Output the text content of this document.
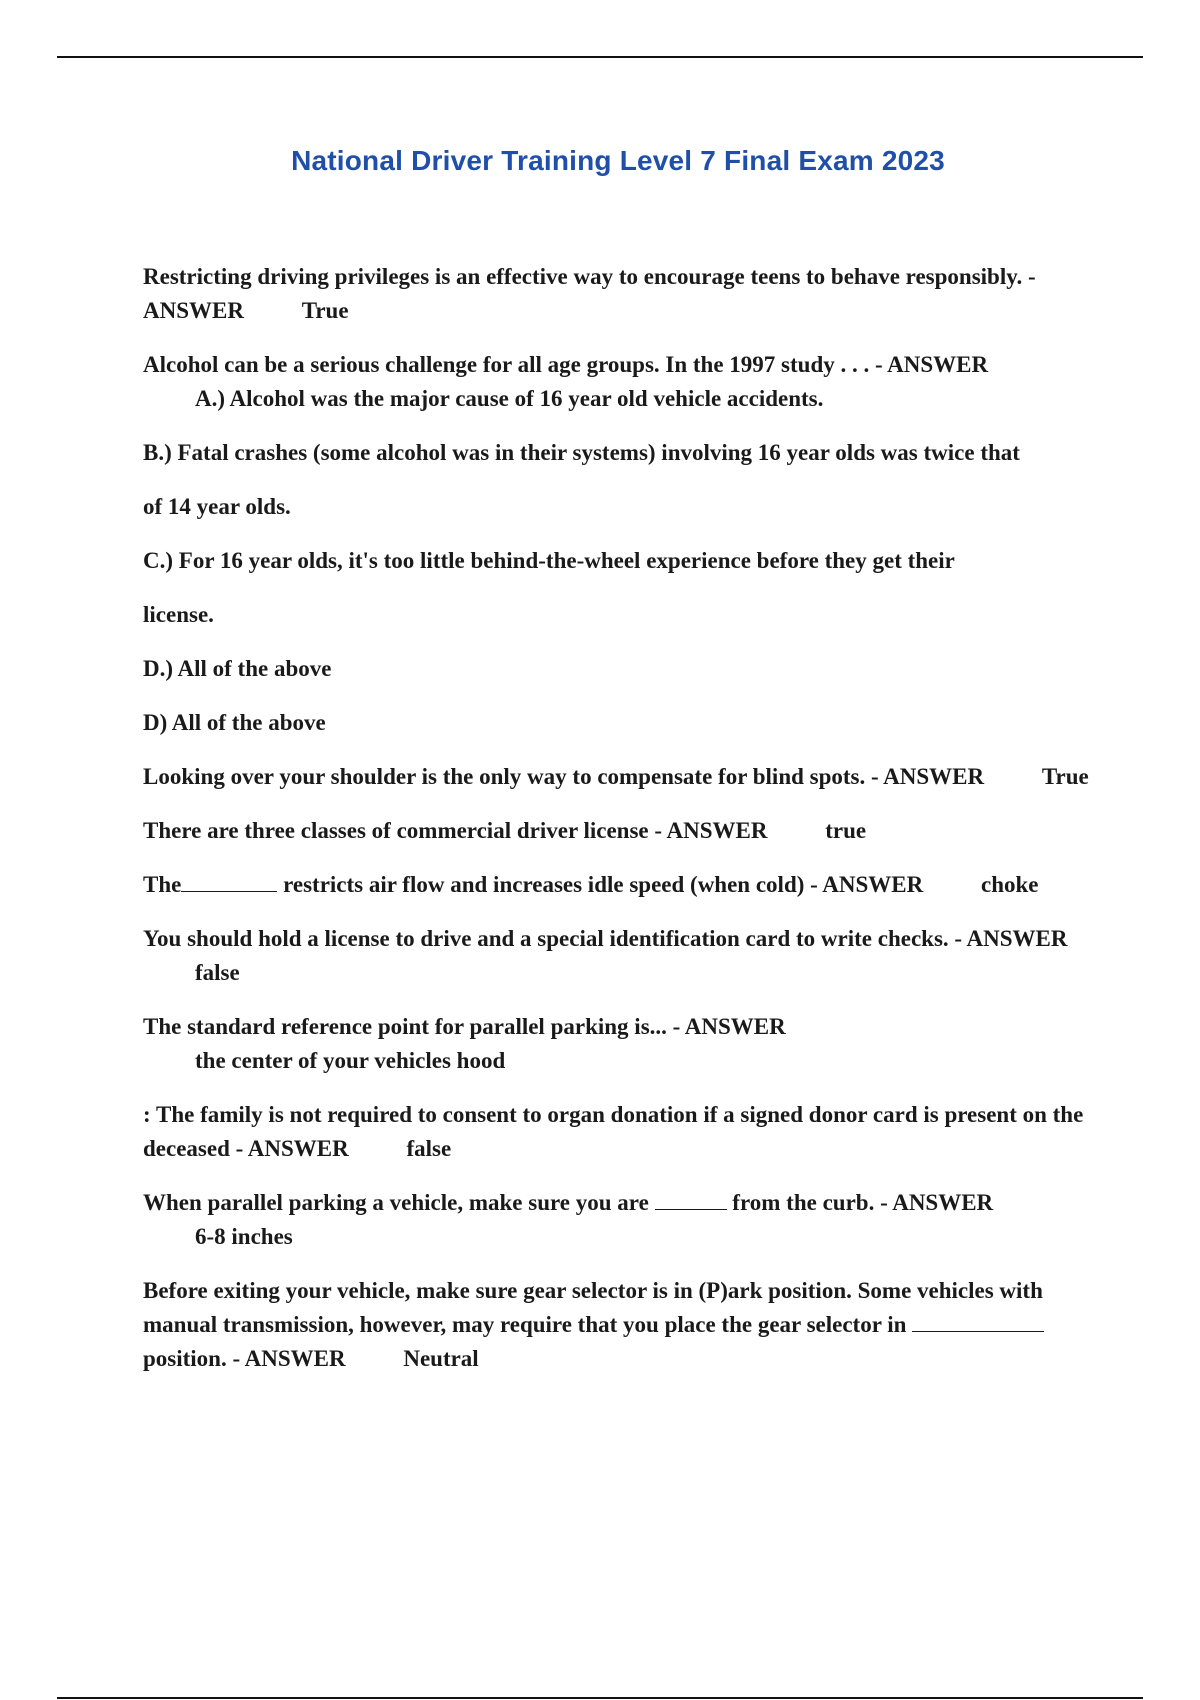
National Driver Training Level 7 Final Exam 2023

Restricting driving privileges is an effective way to encourage teens to behave responsibly. - ANSWER	True

Alcohol can be a serious challenge for all age groups. In the 1997 study . . . - ANSWER A.) Alcohol was the major cause of 16 year old vehicle accidents.

B.) Fatal crashes (some alcohol was in their systems) involving 16 year olds was twice that

of 14 year olds.

C.) For 16 year olds, it's too little behind-the-wheel experience before they get their

license.

D.) All of the above

D) All of the above

Looking over your shoulder is the only way to compensate for blind spots. - ANSWER	True

There are three classes of commercial driver license - ANSWER	true

The	restricts air flow and increases idle speed (when cold) - ANSWER	choke

You should hold a license to drive and a special identification card to write checks. - ANSWER false

The standard reference point for parallel parking is... - ANSWER the center of your vehicles hood

: The family is not required to consent to organ donation if a signed donor card is present on the deceased - ANSWER	false

When parallel parking a vehicle, make sure you are	from the curb. - ANSWER 6-8 inches

Before exiting your vehicle, make sure gear selector is in (P)ark position. Some vehicles with manual transmission, however, may require that you place the gear selector in  position. - ANSWER	Neutral
